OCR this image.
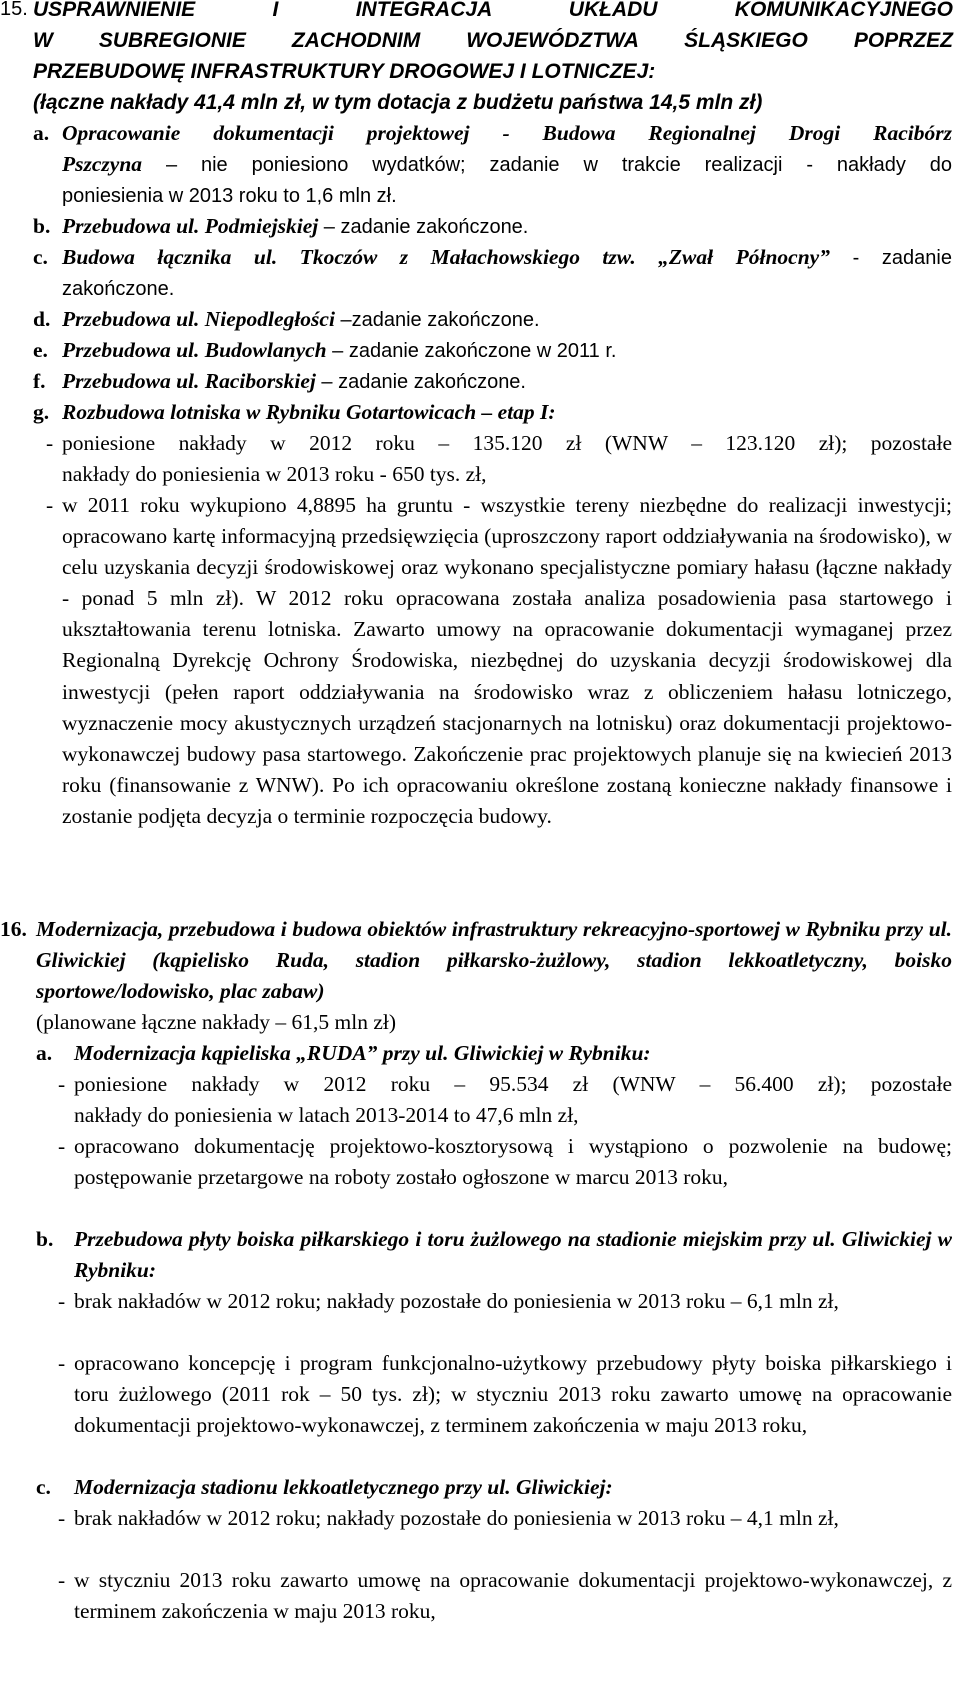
15. USPRAWNIENIE I INTEGRACJA UKŁADU KOMUNIKACYJNEGO
W SUBREGIONIE ZACHODNIM WOJEWÓDZTWA ŚLĄSKIEGO POPRZEZ
PRZEBUDOWĘ INFRASTRUKTURY DROGOWEJ I LOTNICZEJ:
(łączne nakłady 41,4 mln zł, w tym dotacja z budżetu państwa 14,5 mln zł)
a. Opracowanie dokumentacji projektowej - Budowa Regionalnej Drogi Racibórz
Pszczyna – nie poniesiono wydatków; zadanie w trakcie realizacji - nakłady do
poniesienia w 2013 roku to 1,6 mln zł.
b. Przebudowa ul. Podmiejskiej – zadanie zakończone.
c. Budowa łącznika ul. Tkoczów z Małachowskiego tzw. „Zwał Północny” - zadanie
zakończone.
d. Przebudowa ul. Niepodległości –zadanie zakończone.
e. Przebudowa ul. Budowlanych – zadanie zakończone w 2011 r.
f. Przebudowa ul. Raciborskiej – zadanie zakończone.
g. Rozbudowa lotniska w Rybniku Gotartowicach – etap I:
- poniesione nakłady w 2012 roku – 135.120 zł (WNW – 123.120 zł); pozostałe
nakłady do poniesienia w 2013 roku - 650 tys. zł,
- w 2011 roku wykupiono 4,8895 ha gruntu - wszystkie tereny niezbędne do realizacji inwestycji; opracowano kartę informacyjną przedsięwzięcia (uproszczony raport oddziaływania na środowisko), w celu uzyskania decyzji środowiskowej oraz wykonano specjalistyczne pomiary hałasu (łączne nakłady - ponad 5 mln zł). W 2012 roku opracowana została analiza posadowienia pasa startowego i ukształtowania terenu lotniska. Zawarto umowy na opracowanie dokumentacji wymaganej przez Regionalną Dyrekcję Ochrony Środowiska, niezbędnej do uzyskania decyzji środowiskowej dla inwestycji (pełen raport oddziaływania na środowisko wraz z obliczeniem hałasu lotniczego, wyznaczenie mocy akustycznych urządzeń stacjonarnych na lotnisku) oraz dokumentacji projektowo-wykonawczej budowy pasa startowego. Zakończenie prac projektowych planuje się na kwiecień 2013 roku (finansowanie z WNW). Po ich opracowaniu określone zostaną konieczne nakłady finansowe i zostanie podjęta decyzja o terminie rozpoczęcia budowy.
16. Modernizacja, przebudowa i budowa obiektów infrastruktury rekreacyjno-sportowej w Rybniku przy ul. Gliwickiej (kąpielisko Ruda, stadion piłkarsko-żużlowy, stadion lekkoatletyczny, boisko sportowe/lodowisko, plac zabaw)
(planowane łączne nakłady – 61,5 mln zł)
a. Modernizacja kąpieliska „RUDA” przy ul. Gliwickiej w Rybniku:
- poniesione nakłady w 2012 roku – 95.534 zł (WNW – 56.400 zł); pozostałe
nakłady do poniesienia w latach 2013-2014 to 47,6 mln zł,
- opracowano dokumentację projektowo-kosztorysową i wystąpiono o pozwolenie na budowę; postępowanie przetargowe na roboty zostało ogłoszone w marcu 2013 roku,
b. Przebudowa płyty boiska piłkarskiego i toru żużlowego na stadionie miejskim przy ul. Gliwickiej w Rybniku:
- brak nakładów w 2012 roku; nakłady pozostałe do poniesienia w 2013 roku – 6,1 mln zł,
- opracowano koncepcję i program funkcjonalno-użytkowy przebudowy płyty boiska piłkarskiego i toru żużlowego (2011 rok – 50 tys. zł); w styczniu 2013 roku zawarto umowę na opracowanie dokumentacji projektowo-wykonawczej, z terminem zakończenia w maju 2013 roku,
c. Modernizacja stadionu lekkoatletycznego przy ul. Gliwickiej:
- brak nakładów w 2012 roku; nakłady pozostałe do poniesienia w 2013 roku – 4,1 mln zł,
- w styczniu 2013 roku zawarto umowę na opracowanie dokumentacji projektowo-wykonawczej, z terminem zakończenia w maju 2013 roku,
